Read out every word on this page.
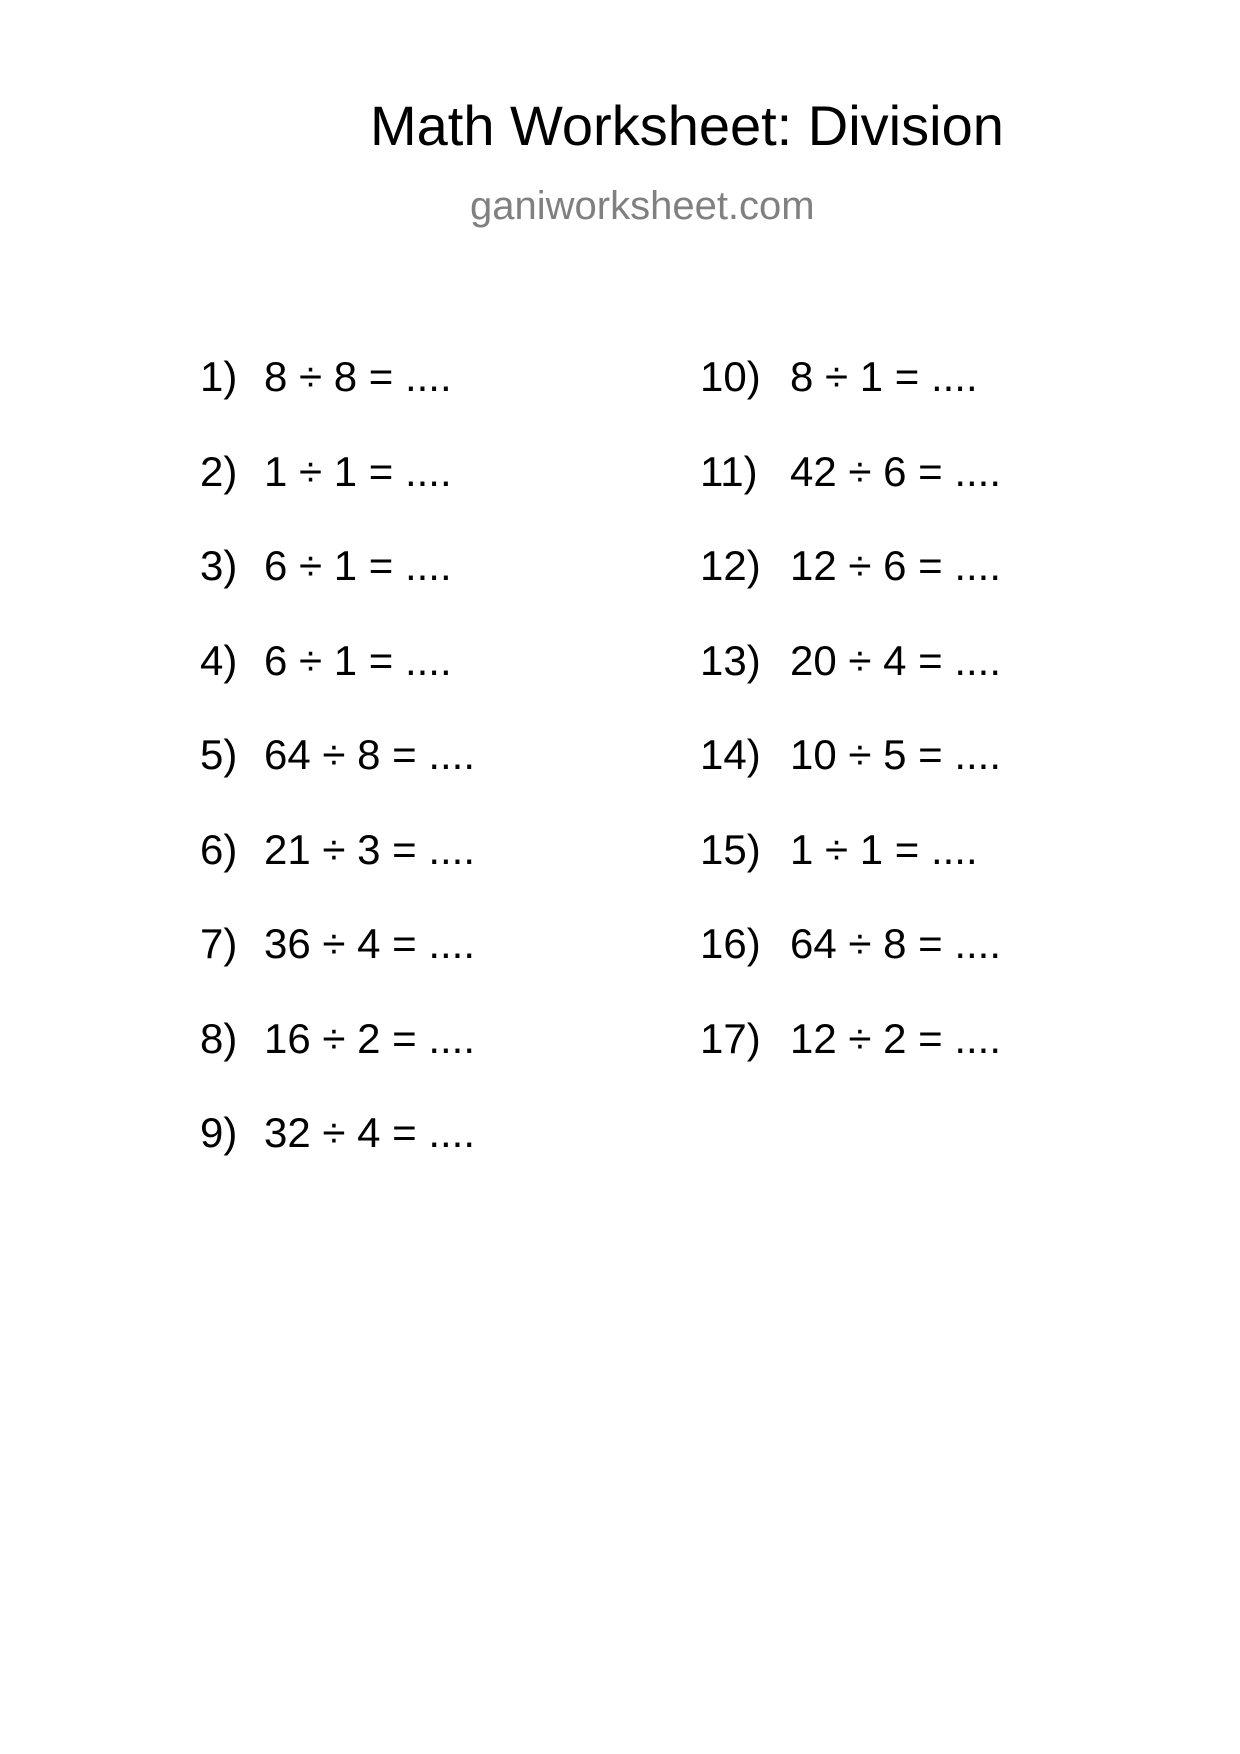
Math Worksheet: Division
ganiworksheet.com
1) 8 ÷ 8 = ....
2) 1 ÷ 1 = ....
3) 6 ÷ 1 = ....
4) 6 ÷ 1 = ....
5) 64 ÷ 8 = ....
6) 21 ÷ 3 = ....
7) 36 ÷ 4 = ....
8) 16 ÷ 2 = ....
9) 32 ÷ 4 = ....
10) 8 ÷ 1 = ....
11) 42 ÷ 6 = ....
12) 12 ÷ 6 = ....
13) 20 ÷ 4 = ....
14) 10 ÷ 5 = ....
15) 1 ÷ 1 = ....
16) 64 ÷ 8 = ....
17) 12 ÷ 2 = ....
